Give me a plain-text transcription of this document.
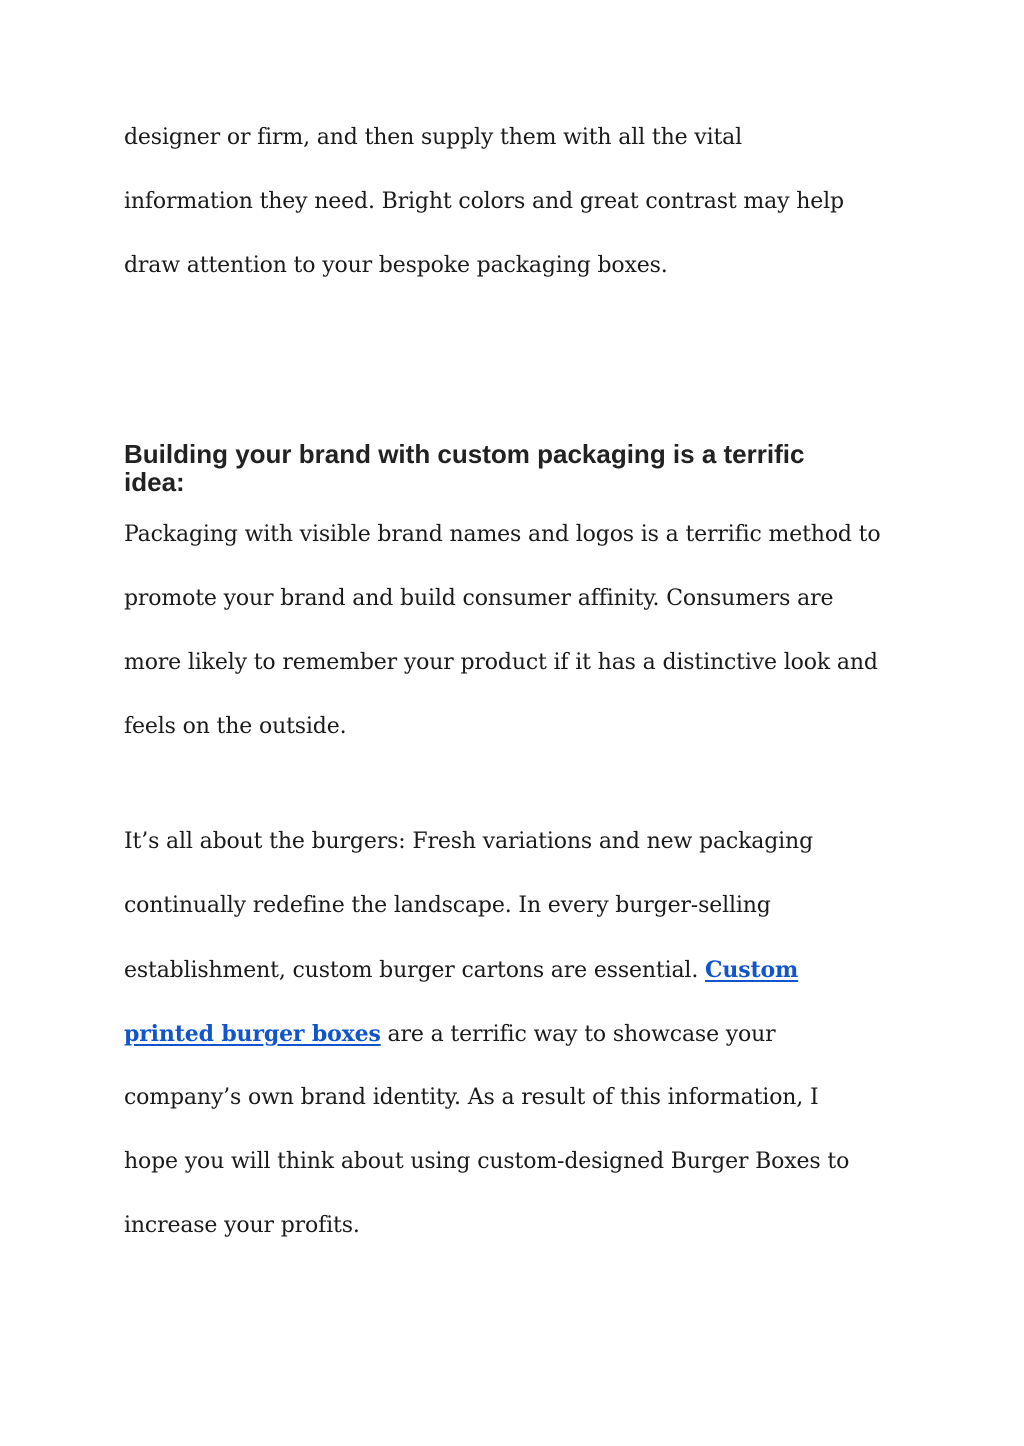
designer or firm, and then supply them with all the vital

information they need. Bright colors and great contrast may help

draw attention to your bespoke packaging boxes.

Building your brand with custom packaging is a terrific
idea:

Packaging with visible brand names and logos is a terrific method to

promote your brand and build consumer affinity. Consumers are

more likely to remember your product if it has a distinctive look and

feels on the outside.

It’s all about the burgers: Fresh variations and new packaging

continually redefine the landscape. In every burger-selling

establishment, custom burger cartons are essential. Custom

printed burger boxes are a terrific way to showcase your

company’s own brand identity. As a result of this information, I

hope you will think about using custom-designed Burger Boxes to

increase your profits.
